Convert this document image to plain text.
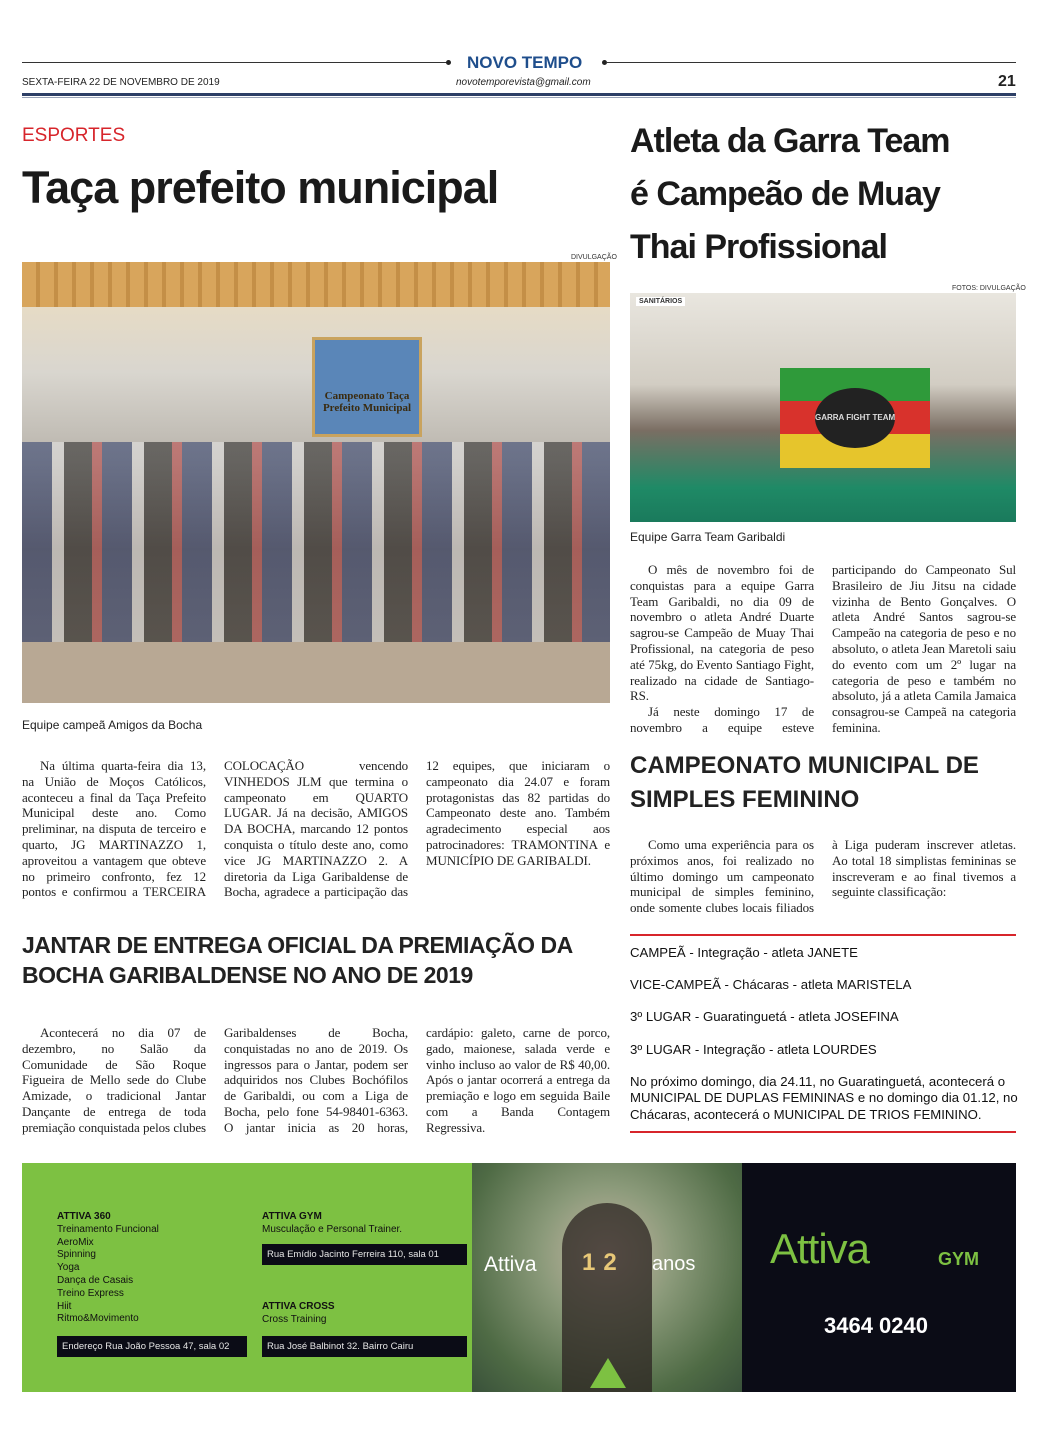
NOVO TEMPO
SEXTA-FEIRA 22 DE NOVEMBRO DE 2019	novotemporevista@gmail.com	21
ESPORTES
Taça prefeito municipal
DIVULGAÇÃO
Campeonato Taça Prefeito Municipal
Equipe campeã Amigos da Bocha

Na última quarta-feira dia 13, na União de Moços Católicos, aconteceu a final da Taça Prefeito Municipal deste ano. Como preliminar, na disputa de terceiro e quarto, JG MARTINAZZO 1, aproveitou a vantagem que obteve no primeiro confronto, fez 12 pontos e confirmou a TERCEIRA COLOCAÇÃO vencendo VINHEDOS JLM que termina o campeonato em QUARTO LUGAR. Já na decisão, AMIGOS DA BOCHA, marcando 12 pontos conquista o título deste ano, como vice JG MARTINAZZO 2. A diretoria da Liga Garibaldense de Bocha, agradece a participação das 12 equipes, que iniciaram o campeonato dia 24.07 e foram protagonistas das 82 partidas do Campeonato deste ano. Também agradecimento especial aos patrocinadores: TRAMONTINA e MUNICÍPIO DE GARIBALDI.

JANTAR DE ENTREGA OFICIAL DA PREMIAÇÃO DA
BOCHA GARIBALDENSE NO ANO DE 2019

Acontecerá no dia 07 de dezembro, no Salão da Comunidade de São Roque Figueira de Mello sede do Clube Amizade, o tradicional Jantar Dançante de entrega de toda premiação conquistada pelos clubes Garibaldenses de Bocha, conquistadas no ano de 2019. Os ingressos para o Jantar, podem ser adquiridos nos Clubes Bochófilos de Garibaldi, ou com a Liga de Bocha, pelo fone 54-98401-6363. O jantar inicia as 20 horas, cardápio: galeto, carne de porco, gado, maionese, salada verde e vinho incluso ao valor de R$ 40,00. Após o jantar ocorrerá a entrega da premiação e logo em seguida Baile com a Banda Contagem Regressiva.

Atleta da Garra Team
é Campeão de Muay
Thai Profissional
FOTOS: DIVULGAÇÃO
SANITÁRIOS
GARRA FIGHT TEAM
Equipe Garra Team Garibaldi

O mês de novembro foi de conquistas para a equipe Garra Team Garibaldi, no dia 09 de novembro o atleta André Duarte sagrou-se Campeão de Muay Thai Profissional, na categoria de peso até 75kg, do Evento Santiago Fight, realizado na cidade de Santiago-RS.

Já neste domingo 17 de novembro a equipe esteve participando do Campeonato Sul Brasileiro de Jiu Jitsu na cidade vizinha de Bento Gonçalves. O atleta André Santos sagrou-se Campeão na categoria de peso e no absoluto, o atleta Jean Maretoli saiu do evento com um 2º lugar na categoria de peso e também no absoluto, já a atleta Camila Jamaica consagrou-se Campeã na categoria feminina.

CAMPEONATO MUNICIPAL DE
SIMPLES FEMININO

Como uma experiência para os próximos anos, foi realizado no último domingo um campeonato municipal de simples feminino, onde somente clubes locais filiados à Liga puderam inscrever atletas. Ao total 18 simplistas femininas se inscreveram e ao final tivemos a seguinte classificação:

CAMPEÃ - Integração - atleta JANETE
VICE-CAMPEÃ - Chácaras - atleta MARISTELA
3º LUGAR - Guaratinguetá - atleta JOSEFINA
3º LUGAR - Integração - atleta LOURDES
No próximo domingo, dia 24.11, no Guaratinguetá, acontecerá o MUNICIPAL DE DUPLAS FEMININAS e no domingo dia 01.12, no Chácaras, acontecerá o MUNICIPAL DE TRIOS FEMININO.
ATTIVA 360
Treinamento Funcional
AeroMix
Spinning
Yoga
Dança de Casais
Treino Express
Hiit
Ritmo&Movimento
Endereço Rua João Pessoa 47, sala 02
ATTIVA GYM
Musculação e Personal Trainer.
Rua Emídio Jacinto Ferreira 110, sala 01
ATTIVA CROSS
Cross Training
Rua José Balbinot 32. Bairro Cairu
Attiva 12 anos Attiva	GYM
3464 0240
